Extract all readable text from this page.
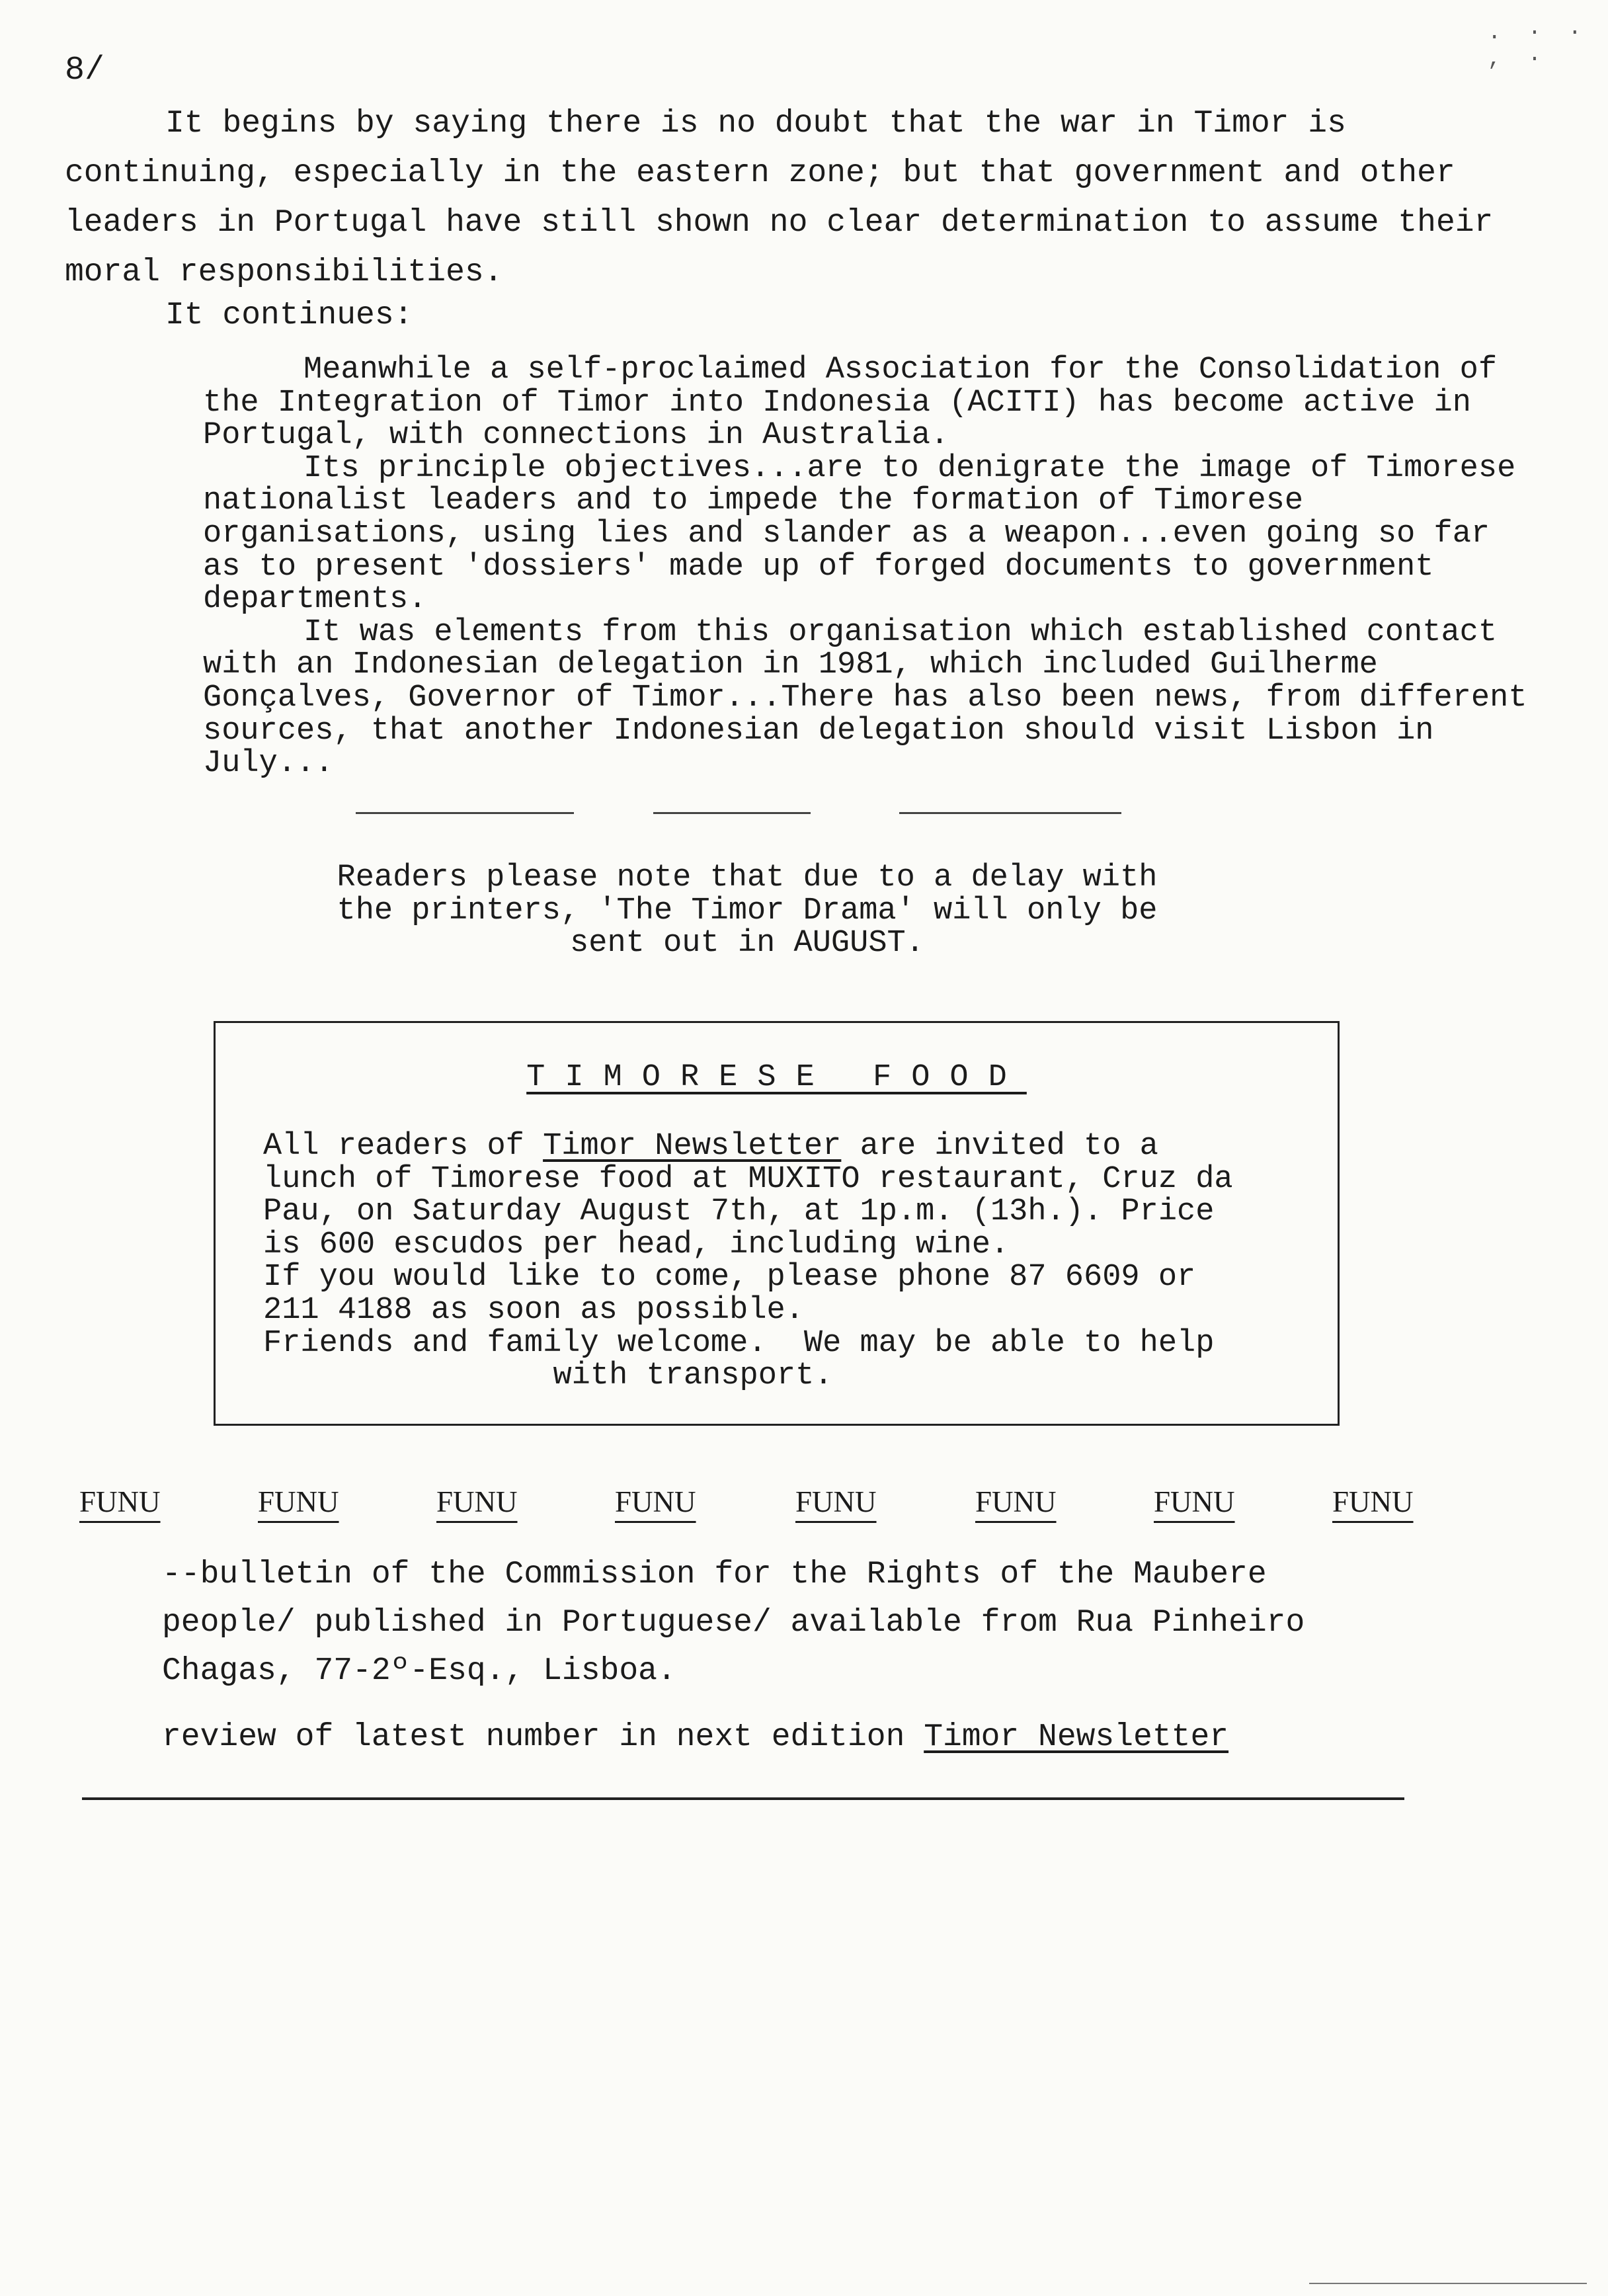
8/
. · ·
, ·

It begins by saying there is no doubt that the war in Timor is continuing, especially in the eastern zone; but that government and other leaders in Portugal have still shown no clear determination to assume their moral responsibilities.

It continues:

Meanwhile a self-proclaimed Association for the Consolidation of the Integration of Timor into Indonesia (ACITI) has become active in Portugal, with connections in Australia.

Its principle objectives...are to denigrate the image of Timorese nationalist leaders and to impede the formation of Timorese organisations, using lies and slander as a weapon...even going so far as to present 'dossiers' made up of forged documents to government departments.

It was elements from this organisation which established contact with an Indonesian delegation in 1981, which included Guilherme Gonçalves, Governor of Timor...There has also been news, from different sources, that another Indonesian delegation should visit Lisbon in July...

Readers please note that due to a delay with
the printers, 'The Timor Drama' will only be
sent out in AUGUST.
TIMORESE FOOD
All readers of Timor Newsletter are invited to a
lunch of Timorese food at MUXITO restaurant, Cruz da
Pau, on Saturday August 7th, at 1p.m. (13h.). Price
is 600 escudos per head, including wine.
If you would like to come, please phone 87 6609 or
211 4188 as soon as possible.
Friends and family welcome.  We may be able to help
with transport.
FUNU	FUNU	FUNU	FUNU	FUNU	FUNU	FUNU	FUNU

--bulletin of the Commission for the Rights of the Maubere

people/ published in Portuguese/ available from Rua Pinheiro

Chagas, 77-2º-Esq., Lisboa.

review of latest number in next edition Timor Newsletter
